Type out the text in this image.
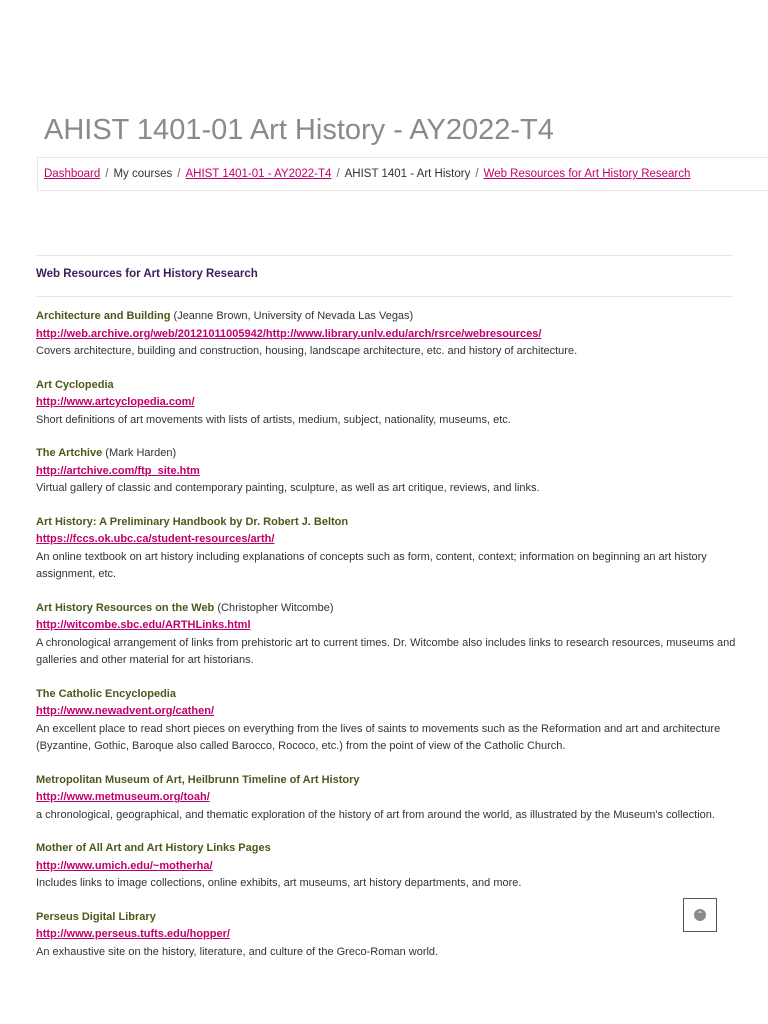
AHIST 1401-01 Art History - AY2022-T4
Dashboard / My courses / AHIST 1401-01 - AY2022-T4 / AHIST 1401 - Art History / Web Resources for Art History Research
Web Resources for Art History Research
Architecture and Building (Jeanne Brown, University of Nevada Las Vegas)
http://web.archive.org/web/20121011005942/http://www.library.unlv.edu/arch/rsrce/webresources/
Covers architecture, building and construction, housing, landscape architecture, etc. and history of architecture.
Art Cyclopedia
http://www.artcyclopedia.com/
Short definitions of art movements with lists of artists, medium, subject, nationality, museums, etc.
The Artchive (Mark Harden)
http://artchive.com/ftp_site.htm
Virtual gallery of classic and contemporary painting, sculpture, as well as art critique, reviews, and links.
Art History: A Preliminary Handbook by Dr. Robert J. Belton
https://fccs.ok.ubc.ca/student-resources/arth/
An online textbook on art history including explanations of concepts such as form, content, context; information on beginning an art history assignment, etc.
Art History Resources on the Web (Christopher Witcombe)
http://witcombe.sbc.edu/ARTHLinks.html
A chronological arrangement of links from prehistoric art to current times. Dr. Witcombe also includes links to research resources, museums and galleries and other material for art historians.
The Catholic Encyclopedia
http://www.newadvent.org/cathen/
An excellent place to read short pieces on everything from the lives of saints to movements such as the Reformation and art and architecture (Byzantine, Gothic, Baroque also called Barocco, Rococo, etc.) from the point of view of the Catholic Church.
Metropolitan Museum of Art, Heilbrunn Timeline of Art History
http://www.metmuseum.org/toah/
a chronological, geographical, and thematic exploration of the history of art from around the world, as illustrated by the Museum's collection.
Mother of All Art and Art History Links Pages
http://www.umich.edu/~motherha/
Includes links to image collections, online exhibits, art museums, art history departments, and more.
Perseus Digital Library
http://www.perseus.tufts.edu/hopper/
An exhaustive site on the history, literature, and culture of the Greco-Roman world.
⌃
